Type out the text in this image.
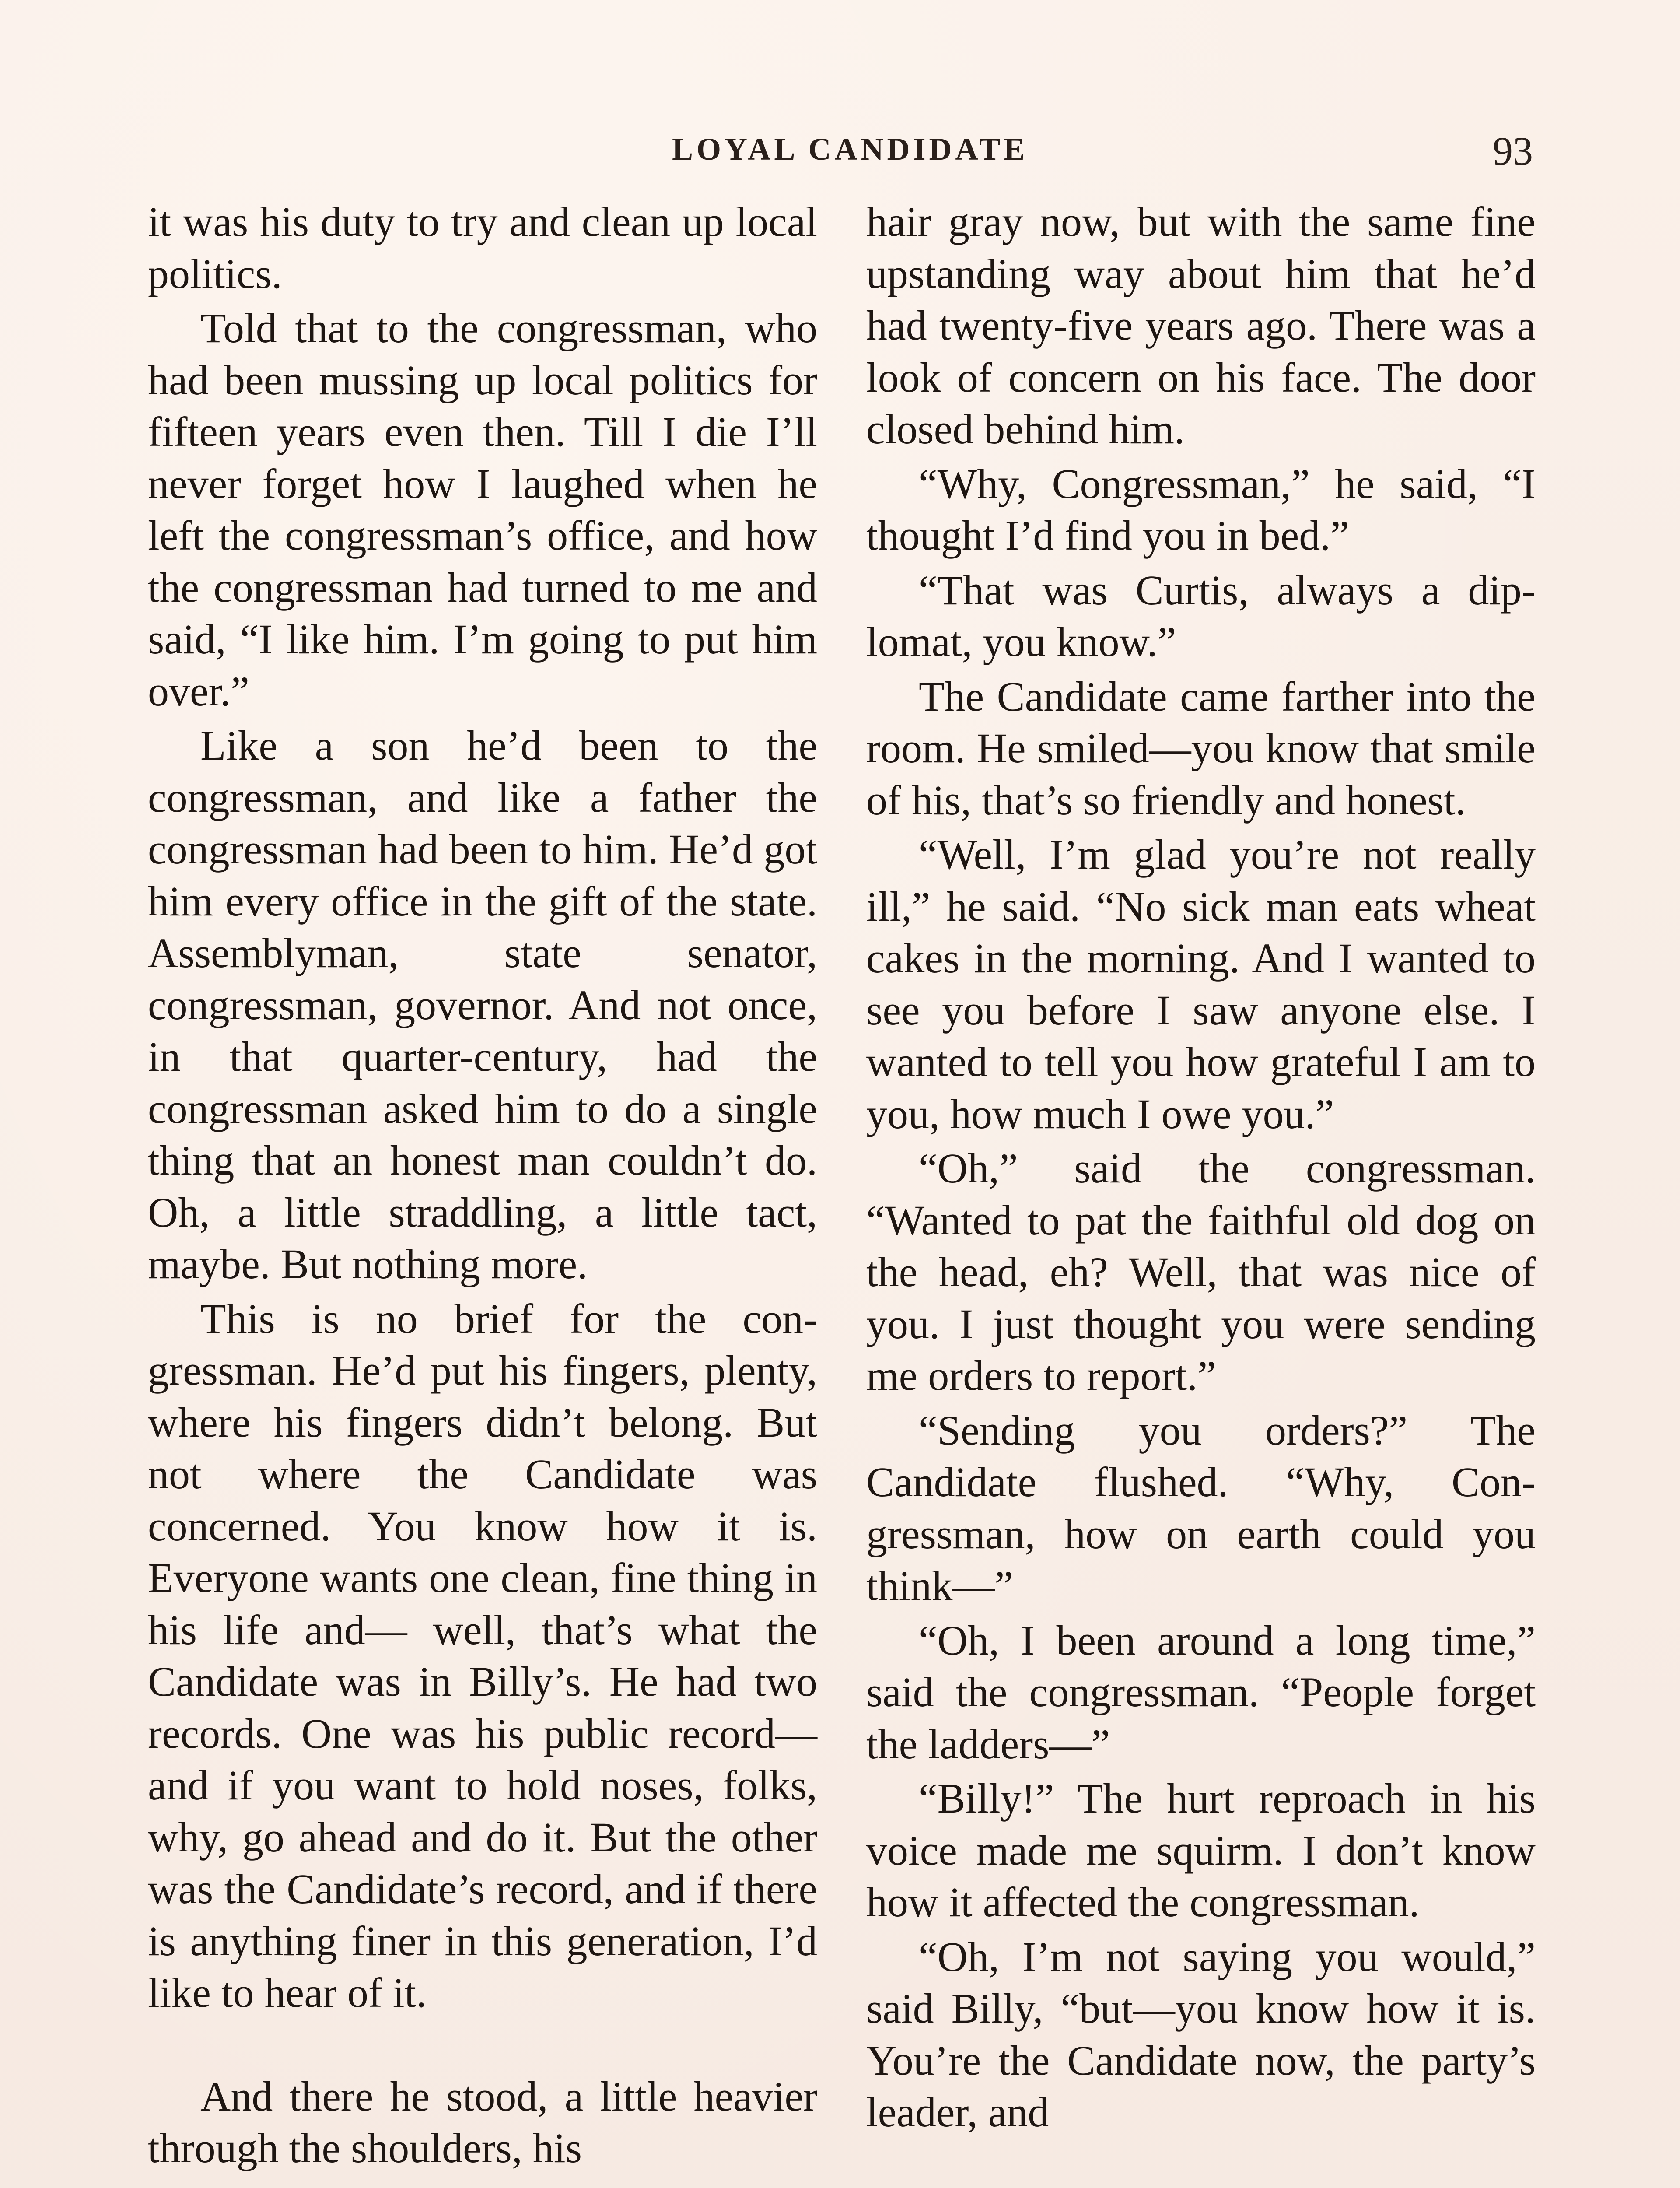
LOYAL CANDIDATE	93

it was his duty to try and clean up local politics.

Told that to the congressman, who had been mussing up local politics for fifteen years even then. Till I die I’ll never forget how I laughed when he left the congressman’s office, and how the congressman had turned to me and said, “I like him. I’m going to put him over.”

Like a son he’d been to the congressman, and like a father the congressman had been to him. He’d got him every office in the gift of the state. Assemblyman, state senator, congressman, governor. And not once, in that quarter-century, had the congressman asked him to do a single thing that an honest man couldn’t do. Oh, a little straddling, a little tact, maybe. But nothing more.

This is no brief for the congressman. He’d put his fingers, plenty, where his fingers didn’t belong. But not where the Candidate was concerned. You know how it is. Everyone wants one clean, fine thing in his life and— well, that’s what the Candidate was in Billy’s. He had two records. One was his public record— and if you want to hold noses, folks, why, go ahead and do it. But the other was the Candidate’s record, and if there is anything finer in this generation, I’d like to hear of it.

And there he stood, a little heavier through the shoulders, his

hair gray now, but with the same fine upstanding way about him that he’d had twenty-five years ago. There was a look of concern on his face. The door closed behind him.

“Why, Congressman,” he said, “I thought I’d find you in bed.”

“That was Curtis, always a diplomat, you know.”

The Candidate came farther into the room. He smiled—you know that smile of his, that’s so friendly and honest.

“Well, I’m glad you’re not really ill,” he said. “No sick man eats wheat cakes in the morning. And I wanted to see you before I saw anyone else. I wanted to tell you how grateful I am to you, how much I owe you.”

“Oh,” said the congressman. “Wanted to pat the faithful old dog on the head, eh? Well, that was nice of you. I just thought you were sending me orders to report.”

“Sending you orders?” The Candidate flushed. “Why, Congressman, how on earth could you think—”

“Oh, I been around a long time,” said the congressman. “People forget the ladders—”

“Billy!” The hurt reproach in his voice made me squirm. I don’t know how it affected the congressman.

“Oh, I’m not saying you would,” said Billy, “but—you know how it is. You’re the Candidate now, the party’s leader, and
